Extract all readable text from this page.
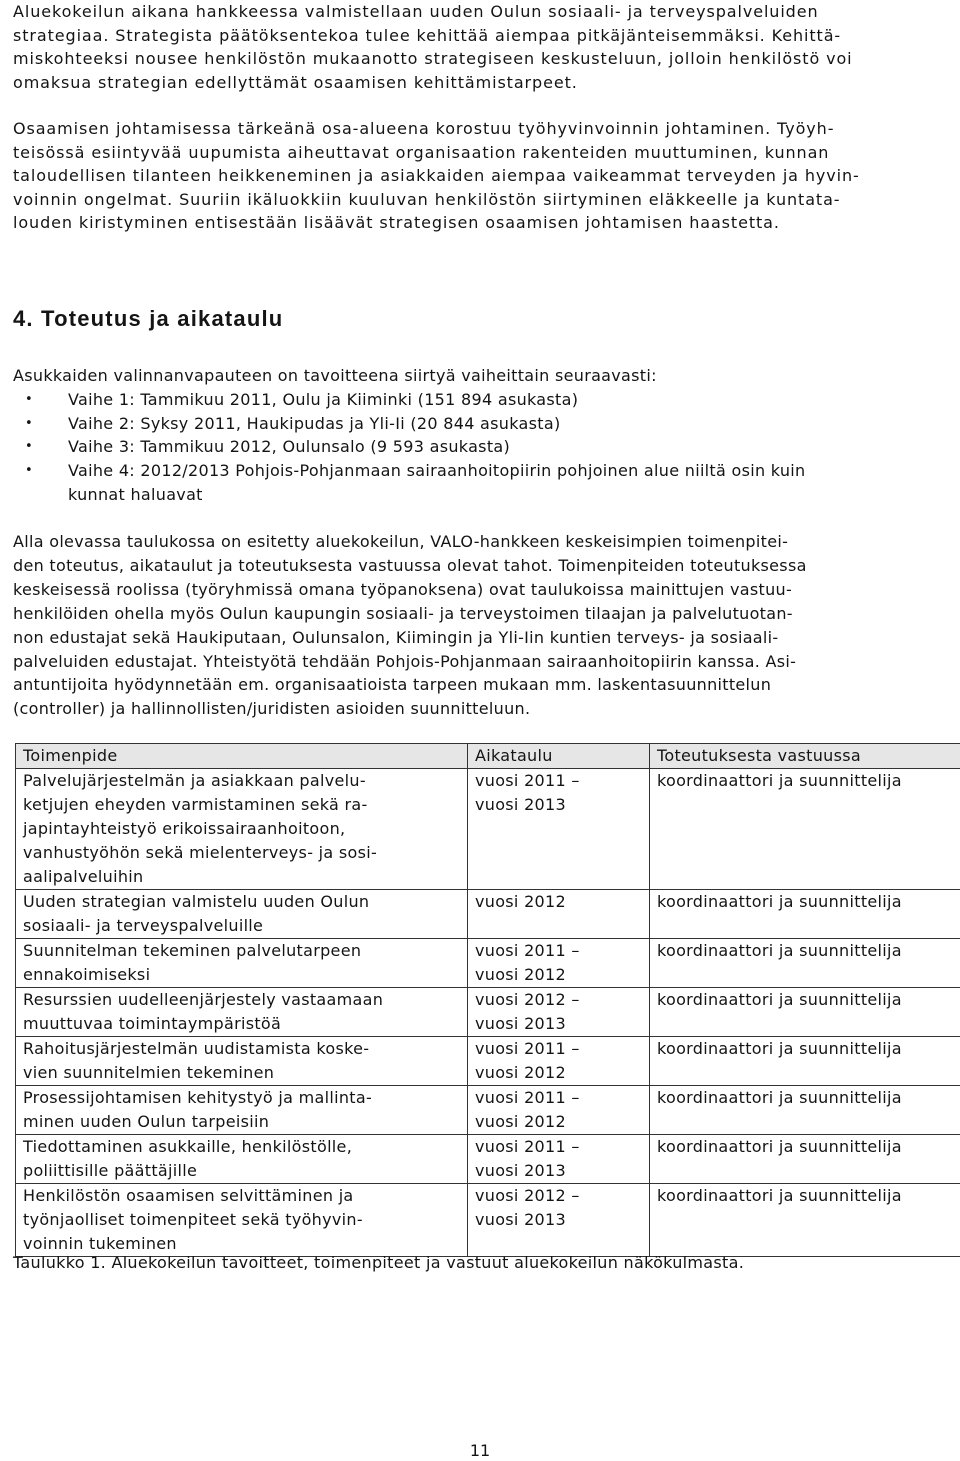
Aluekokeilun aikana hankkeessa valmistellaan uuden Oulun sosiaali- ja terveyspalveluiden
strategiaa. Strategista päätöksentekoa tulee kehittää aiempaa pitkäjänteisemmäksi. Kehittä-
miskohteeksi nousee henkilöstön mukaanotto strategiseen keskusteluun, jolloin henkilöstö voi
omaksua strategian edellyttämät osaamisen kehittämistarpeet.

Osaamisen johtamisessa tärkeänä osa-alueena korostuu työhyvinvoinnin johtaminen. Työyh-
teisössä esiintyvää uupumista aiheuttavat organisaation rakenteiden muuttuminen, kunnan
taloudellisen tilanteen heikkeneminen ja asiakkaiden aiempaa vaikeammat terveyden ja hyvin-
voinnin ongelmat. Suuriin ikäluokkiin kuuluvan henkilöstön siirtyminen eläkkeelle ja kuntata-
louden kiristyminen entisestään lisäävät strategisen osaamisen johtamisen haastetta.

4. Toteutus ja aikataulu

Asukkaiden valinnanvapauteen on tavoitteena siirtyä vaiheittain seuraavasti:

• Vaihe 1: Tammikuu 2011, Oulu ja Kiiminki (151 894 asukasta)
• Vaihe 2: Syksy 2011, Haukipudas ja Yli-Ii (20 844 asukasta)
• Vaihe 3: Tammikuu 2012, Oulunsalo (9 593 asukasta)
• Vaihe 4: 2012/2013 Pohjois-Pohjanmaan sairaanhoitopiirin pohjoinen alue niiltä osin kuin
kunnat haluavat

Alla olevassa taulukossa on esitetty aluekokeilun, VALO-hankkeen keskeisimpien toimenpitei-
den toteutus, aikataulut ja toteutuksesta vastuussa olevat tahot. Toimenpiteiden toteutuksessa
keskeisessä roolissa (työryhmissä omana työpanoksena) ovat taulukoissa mainittujen vastuu-
henkilöiden ohella myös Oulun kaupungin sosiaali- ja terveystoimen tilaajan ja palvelutuotan-
non edustajat sekä Haukiputaan, Oulunsalon, Kiimingin ja Yli-Iin kuntien terveys- ja sosiaali-
palveluiden edustajat. Yhteistyötä tehdään Pohjois-Pohjanmaan sairaanhoitopiirin kanssa. Asi-
antuntijoita hyödynnetään em. organisaatioista tarpeen mukaan mm. laskentasuunnittelun
(controller) ja hallinnollisten/juridisten asioiden suunnitteluun.

Toimenpide	Aikataulu	Toteutuksesta vastuussa

Palvelujärjestelmän ja asiakkaan palvelu-
ketjujen eheyden varmistaminen sekä ra-
japintayhteistyö erikoissairaanhoitoon,
vanhustyöhön sekä mielenterveys- ja sosi-
aalipalveluihin	vuosi 2011 –
vuosi 2013	koordinaattori ja suunnittelija

Uuden strategian valmistelu uuden Oulun
sosiaali- ja terveyspalveluille	vuosi 2012	koordinaattori ja suunnittelija

Suunnitelman tekeminen palvelutarpeen
ennakoimiseksi	vuosi 2011 –
vuosi 2012	koordinaattori ja suunnittelija

Resurssien uudelleenjärjestely vastaamaan
muuttuvaa toimintaympäristöä	vuosi 2012 –
vuosi 2013	koordinaattori ja suunnittelija

Rahoitusjärjestelmän uudistamista koske-
vien suunnitelmien tekeminen	vuosi 2011 –
vuosi 2012	koordinaattori ja suunnittelija

Prosessijohtamisen kehitystyö ja mallinta-
minen uuden Oulun tarpeisiin	vuosi 2011 –
vuosi 2012	koordinaattori ja suunnittelija

Tiedottaminen asukkaille, henkilöstölle,
poliittisille päättäjille	vuosi 2011 –
vuosi 2013	koordinaattori ja suunnittelija

Henkilöstön osaamisen selvittäminen ja
työnjaolliset toimenpiteet sekä työhyvin-
voinnin tukeminen	vuosi 2012 –
vuosi 2013	koordinaattori ja suunnittelija

Taulukko 1. Aluekokeilun tavoitteet, toimenpiteet ja vastuut aluekokeilun näkökulmasta.

11
